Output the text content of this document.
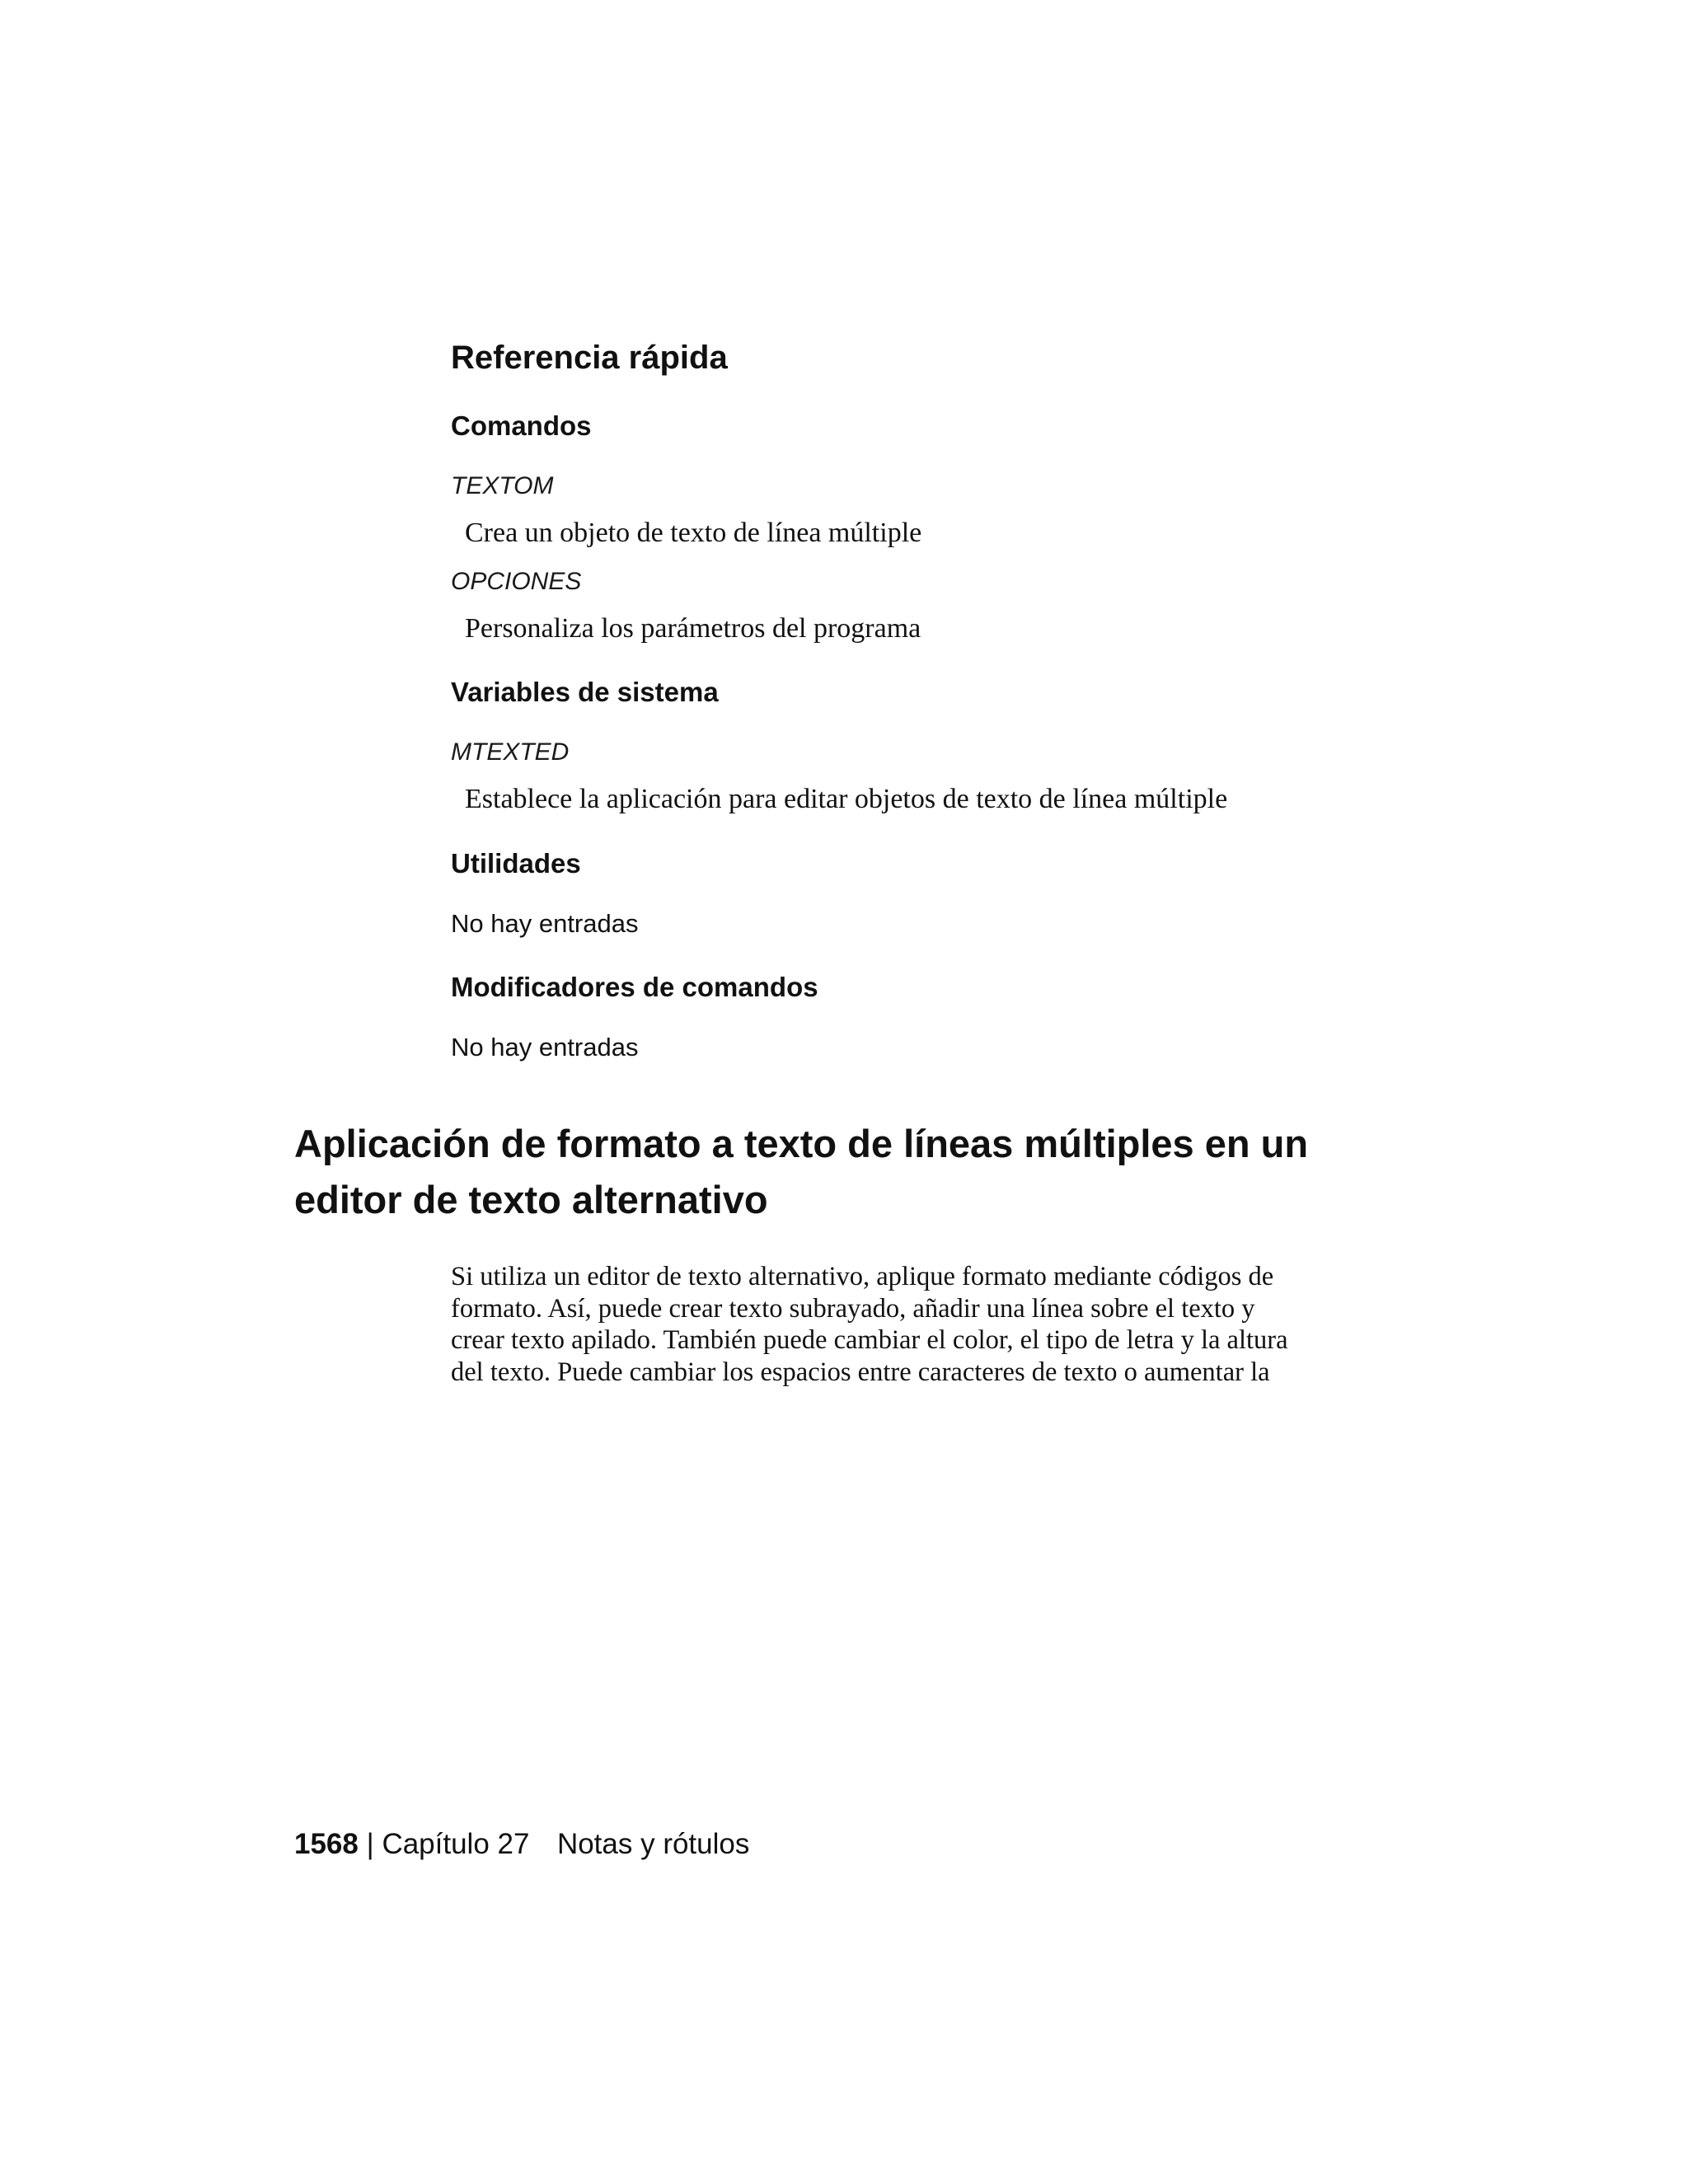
Referencia rápida
Comandos
TEXTOM
Crea un objeto de texto de línea múltiple
OPCIONES
Personaliza los parámetros del programa
Variables de sistema
MTEXTED
Establece la aplicación para editar objetos de texto de línea múltiple
Utilidades
No hay entradas
Modificadores de comandos
No hay entradas
Aplicación de formato a texto de líneas múltiples en un
editor de texto alternativo
Si utiliza un editor de texto alternativo, aplique formato mediante códigos de
formato. Así, puede crear texto subrayado, añadir una línea sobre el texto y
crear texto apilado. También puede cambiar el color, el tipo de letra y la altura
del texto. Puede cambiar los espacios entre caracteres de texto o aumentar la
1568 | Capítulo 27 Notas y rótulos
